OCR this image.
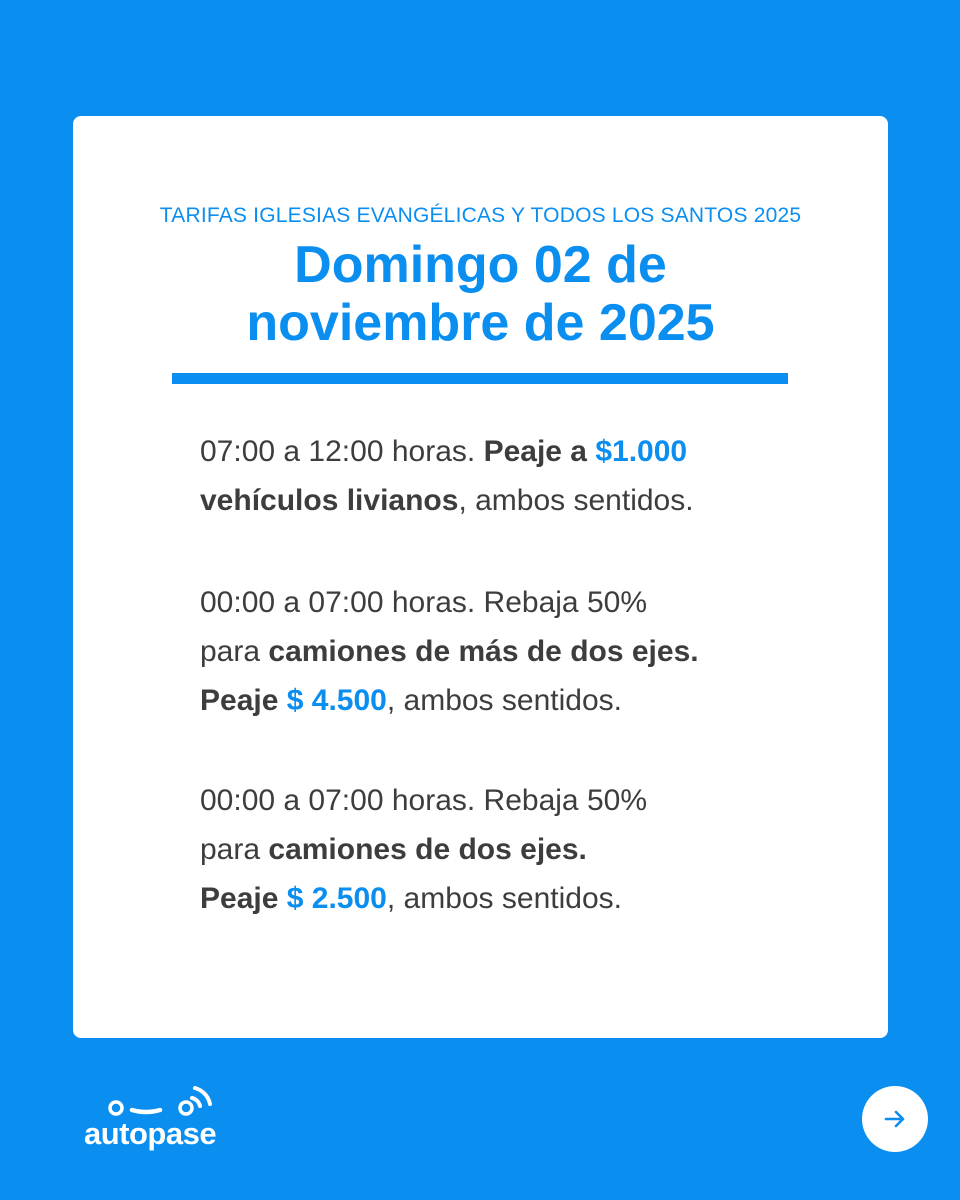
TARIFAS IGLESIAS EVANGÉLICAS Y TODOS LOS SANTOS 2025
Domingo 02 de
noviembre de 2025
07:00 a 12:00 horas. Peaje a $1.000
vehículos livianos, ambos sentidos.
00:00 a 07:00 horas. Rebaja 50%
para camiones de más de dos ejes.
Peaje $ 4.500, ambos sentidos.
00:00 a 07:00 horas. Rebaja 50%
para camiones de dos ejes.
Peaje $ 2.500, ambos sentidos.
autopase
